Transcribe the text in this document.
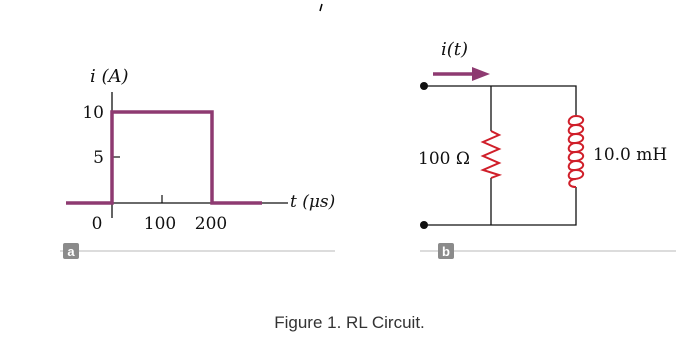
i (A)
10
5
0 100 200
t (μs)
a
i(t)
100 Ω	10.0 mH
b
Figure 1. RL Circuit.
